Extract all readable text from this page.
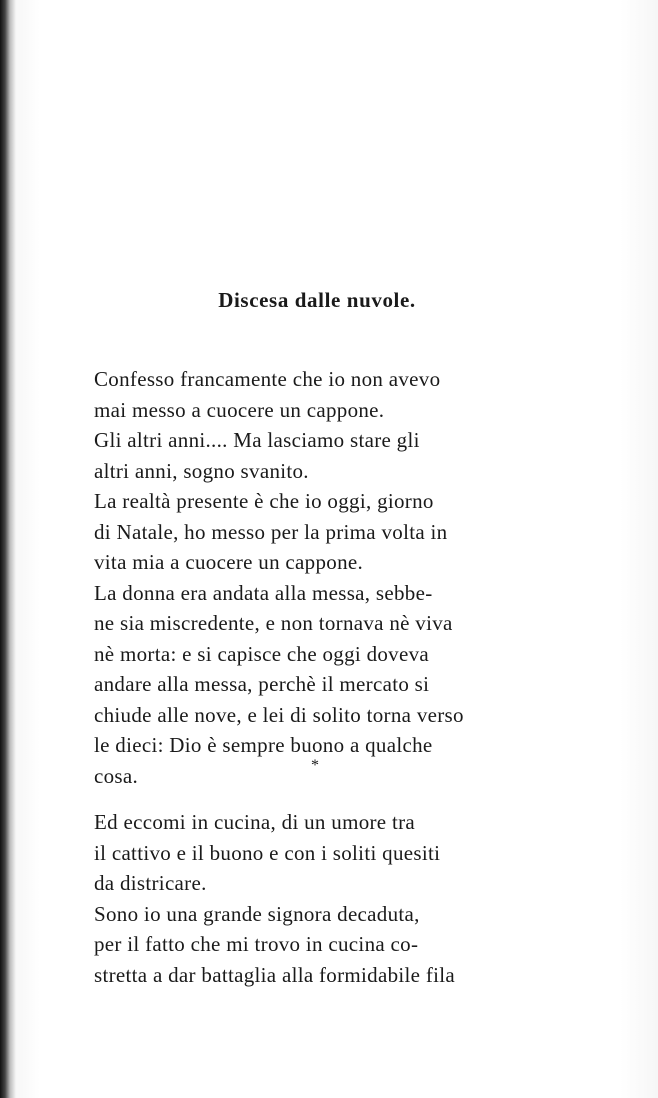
Discesa dalle nuvole.

Confesso francamente che io non avevo
mai messo a cuocere un cappone.

Gli altri anni.... Ma lasciamo stare gli
altri anni, sogno svanito.

La realtà presente è che io oggi, giorno
di Natale, ho messo per la prima volta in
vita mia a cuocere un cappone.

La donna era andata alla messa, sebbe-
ne sia miscredente, e non tornava nè viva
nè morta: e si capisce che oggi doveva
andare alla messa, perchè il mercato si
chiude alle nove, e lei di solito torna verso
le dieci: Dio è sempre buono a qualche
cosa.	*

Ed eccomi in cucina, di un umore tra
il cattivo e il buono e con i soliti quesiti
da districare.

Sono io una grande signora decaduta,
per il fatto che mi trovo in cucina co-
stretta a dar battaglia alla formidabile fila
